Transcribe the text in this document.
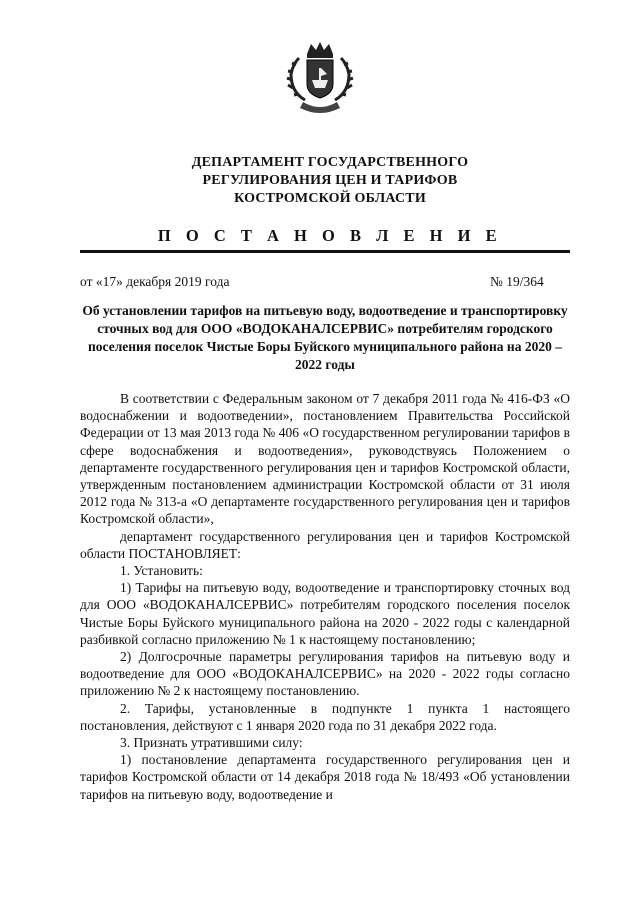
ДЕПАРТАМЕНТ ГОСУДАРСТВЕННОГО
РЕГУЛИРОВАНИЯ ЦЕН И ТАРИФОВ
КОСТРОМСКОЙ ОБЛАСТИ
П О С Т А Н О В Л Е Н И Е
от «17» декабря 2019 года	№ 19/364
Об установлении тарифов на питьевую воду, водоотведение и транспортировку сточных вод для ООО «ВОДОКАНАЛСЕРВИС» потребителям городского поселения поселок Чистые Боры Буйского муниципального района на 2020 – 2022 годы

В соответствии с Федеральным законом от 7 декабря 2011 года № 416-ФЗ «О водоснабжении и водоотведении», постановлением Правительства Российской Федерации от 13 мая 2013 года № 406 «О государственном регулировании тарифов в сфере водоснабжения и водоотведения», руководствуясь Положением о департаменте государственного регулирования цен и тарифов Костромской области, утвержденным постановлением администрации Костромской области от 31 июля 2012 года № 313-а «О департаменте государственного регулирования цен и тарифов Костромской области»,

департамент государственного регулирования цен и тарифов Костромской области ПОСТАНОВЛЯЕТ:

1. Установить:

1) Тарифы на питьевую воду, водоотведение и транспортировку сточных вод для ООО «ВОДОКАНАЛСЕРВИС» потребителям городского поселения поселок Чистые Боры Буйского муниципального района на 2020 - 2022 годы с календарной разбивкой согласно приложению № 1 к настоящему постановлению;

2) Долгосрочные параметры регулирования тарифов на питьевую воду и водоотведение для ООО «ВОДОКАНАЛСЕРВИС» на 2020 - 2022 годы согласно приложению № 2 к настоящему постановлению.

2. Тарифы, установленные в подпункте 1 пункта 1 настоящего постановления, действуют с 1 января 2020 года по 31 декабря 2022 года.

3. Признать утратившими силу:

1) постановление департамента государственного регулирования цен и тарифов Костромской области от 14 декабря 2018 года № 18/493 «Об установлении тарифов на питьевую воду, водоотведение и
